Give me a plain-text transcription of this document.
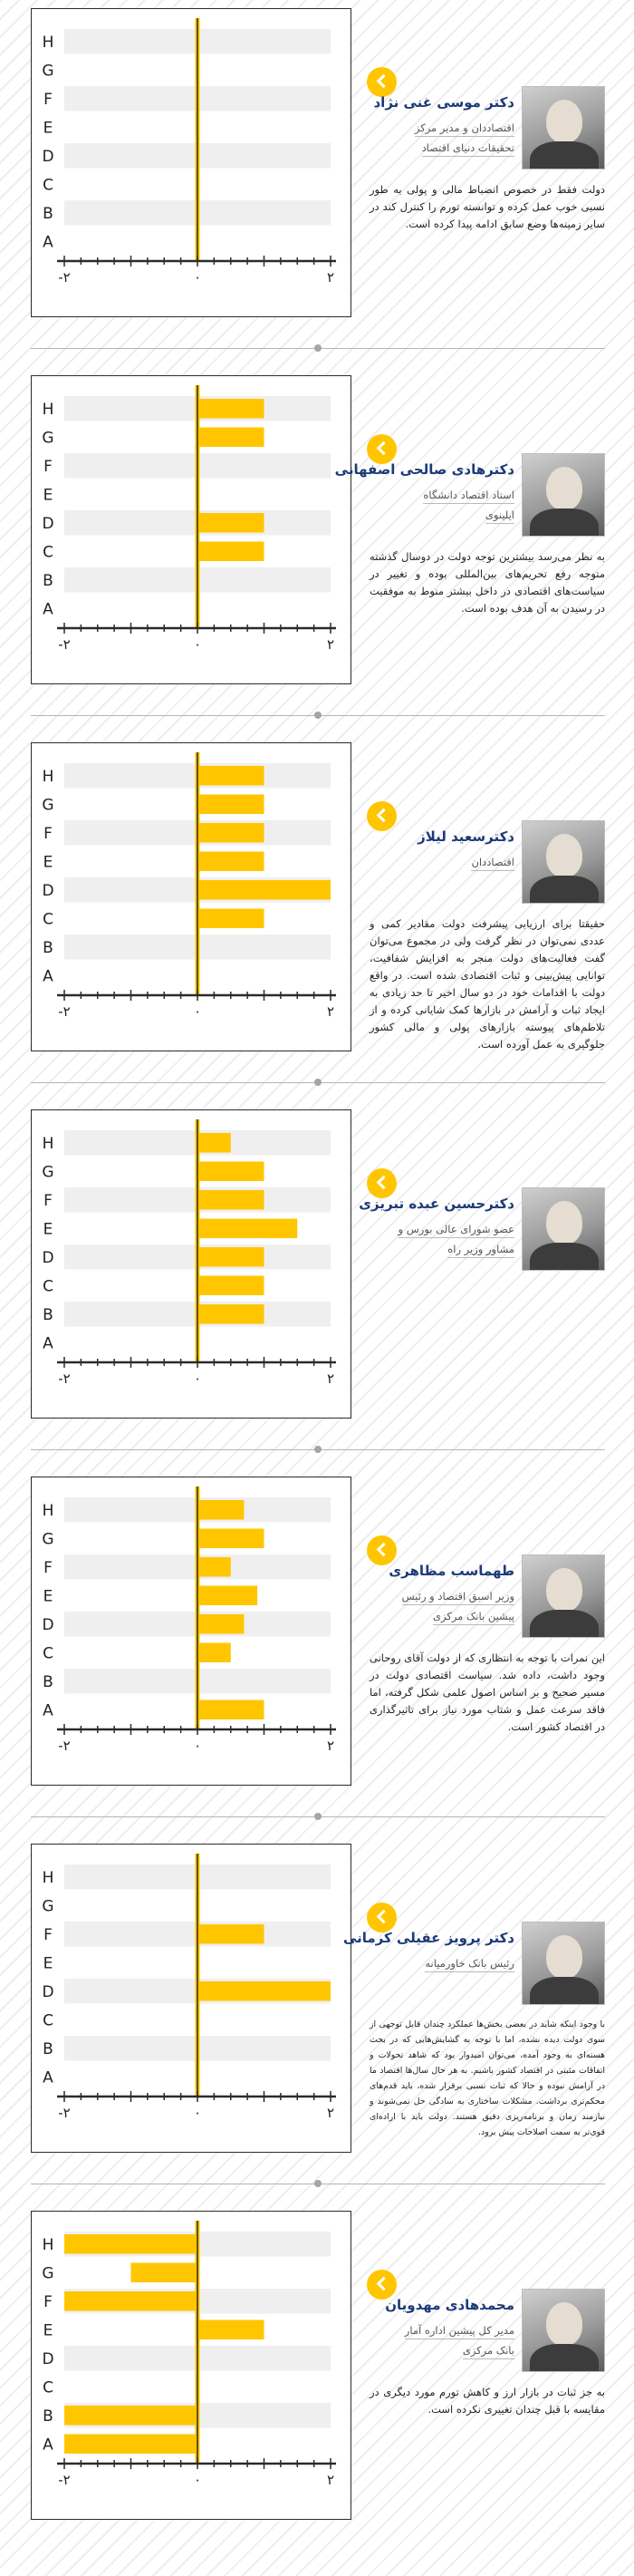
A
B
C
D
E
F
G
H
-۲	۰	۲
دکتر موسی غنی نژاد
اقتصاددان و مدیر مرکز
تحقیقات دنیای اقتصاد

دولت فقط در خصوص انضباط مالی و پولی به طور نسبی خوب عمل کرده و توانسته تورم را کنترل کند در سایر زمینه‌ها وضع سابق ادامه پیدا کرده است.
A
B
C
D
E
F
G
H
-۲	۰	۲
دکترهادی صالحی اصفهانی
استاد اقتصاد دانشگاه
ایلینوی

به نظر می‌رسد بیشترین توجه دولت در دوسال گذشته متوجه رفع تحریم‌های بین‌المللی بوده و تغییر در سیاست‌های اقتصادی در داخل بیشتر منوط به موفقیت در رسیدن به آن هدف بوده است.
A
B
C
D
E
F
G
H
-۲	۰	۲
دکترسعید لیلاز
اقتصاددان

حقیقتا برای ارزیابی پیشرفت دولت مقادیر کمی و عددی نمی‌توان در نظر گرفت ولی در مجموع می‌توان گفت فعالیت‌های دولت منجر به افزایش شفافیت، توانایی پیش‌بینی و ثبات اقتصادی شده است. در واقع دولت با اقدامات خود در دو سال اخیر تا حد زیادی به ایجاد ثبات و آرامش در بازارها کمک شایانی کرده و از تلاطم‌های پیوسته بازارهای پولی و مالی کشور جلوگیری به عمل آورده است.
A
B
C
D
E
F
G
H
-۲	۰	۲
دکترحسین عبده تبریزی
عضو شورای عالی بورس و
مشاور وزیر راه

A
B
C
D
E
F
G
H
-۲	۰	۲
طهماسب مظاهری
وزیر اسبق اقتصاد و رئیس
پیشین بانک مرکزی

این نمرات با توجه به انتظاری که از دولت آقای روحانی وجود داشت، داده شد. سیاست اقتصادی دولت در مسیر صحیح و بر اساس اصول علمی شکل گرفته، اما فاقد سرعت عمل و شتاب مورد نیاز برای تاثیرگذاری در اقتصاد کشور است.
A
B
C
D
E
F
G
H
-۲	۰	۲
دکتر پرویز عقیلی کرمانی
رئیس بانک خاورمیانه

با وجود اینکه شاید در بعضی بخش‌ها عملکرد چندان قابل توجهی از سوی دولت دیده نشده، اما با توجه به گشایش‌هایی که در بحث هسته‌ای به وجود آمده، می‌توان امیدوار بود که شاهد تحولات و اتفاقات مثبتی در اقتصاد کشور باشیم. به هر حال سال‌ها اقتصاد ما در آرامش نبوده و حالا که ثبات نسبی برقرار شده، باید قدم‌های محکم‌تری برداشت. مشکلات ساختاری به سادگی حل نمی‌شوند و نیازمند زمان و برنامه‌ریزی دقیق هستند. دولت باید با اراده‌ای قوی‌تر به سمت اصلاحات پیش برود.
A
B
C
D
E
F
G
H
-۲	۰	۲
محمدهادی مهدویان
مدیر کل پیشین اداره آمار
بانک مرکزی

به جز ثبات در بازار ارز و کاهش تورم مورد دیگری در مقایسه با قبل چندان تغییری نکرده است.
